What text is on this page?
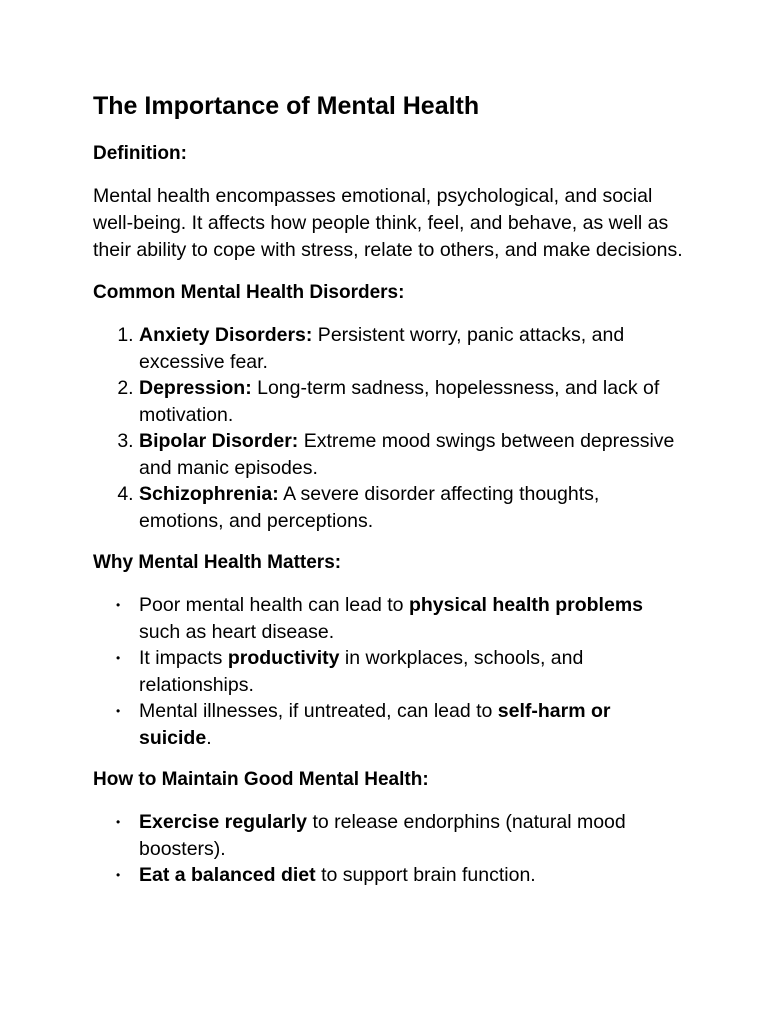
The Importance of Mental Health
Definition:
Mental health encompasses emotional, psychological, and social well-being. It affects how people think, feel, and behave, as well as their ability to cope with stress, relate to others, and make decisions.
Common Mental Health Disorders:
1. Anxiety Disorders: Persistent worry, panic attacks, and excessive fear.
2. Depression: Long-term sadness, hopelessness, and lack of motivation.
3. Bipolar Disorder: Extreme mood swings between depressive and manic episodes.
4. Schizophrenia: A severe disorder affecting thoughts, emotions, and perceptions.
Why Mental Health Matters:
• Poor mental health can lead to physical health problems such as heart disease.
• It impacts productivity in workplaces, schools, and relationships.
• Mental illnesses, if untreated, can lead to self-harm or suicide.
How to Maintain Good Mental Health:
• Exercise regularly to release endorphins (natural mood boosters).
• Eat a balanced diet to support brain function.
